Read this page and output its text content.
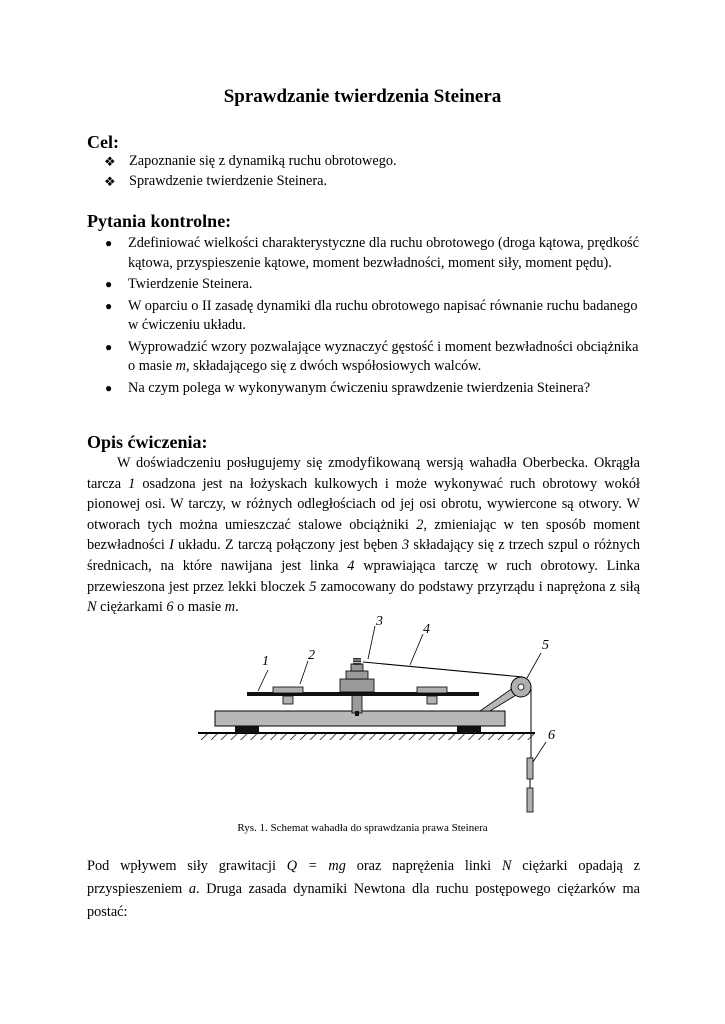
Sprawdzanie twierdzenia Steinera
Cel:
❖ Zapoznanie się z dynamiką ruchu obrotowego.
❖ Sprawdzenie twierdzenie Steinera.
Pytania kontrolne:
● Zdefiniować wielkości charakterystyczne dla ruchu obrotowego (droga kątowa, prędkość kątowa, przyspieszenie kątowe, moment bezwładności, moment siły, moment pędu).
● Twierdzenie Steinera.
● W oparciu o II zasadę dynamiki dla ruchu obrotowego napisać równanie ruchu badanego w ćwiczeniu układu.
● Wyprowadzić wzory pozwalające wyznaczyć gęstość i moment bezwładności obciążnika o masie m, składającego się z dwóch współosiowych walców.
● Na czym polega w wykonywanym ćwiczeniu sprawdzenie twierdzenia Steinera?
Opis ćwiczenia:
W doświadczeniu posługujemy się zmodyfikowaną wersją wahadła Oberbecka. Okrągła tarcza 1 osadzona jest na łożyskach kulkowych i może wykonywać ruch obrotowy wokół pionowej osi. W tarczy, w różnych odległościach od jej osi obrotu, wywiercone są otwory. W otworach tych można umieszczać stalowe obciążniki 2, zmieniając w ten sposób moment bezwładności I układu. Z tarczą połączony jest bęben 3 składający się z trzech szpul o różnych średnicach, na które nawijana jest linka 4 wprawiająca tarczę w ruch obrotowy. Linka przewieszona jest przez lekki bloczek 5 zamocowany do podstawy przyrządu i naprężona z siłą N ciężarkami 6 o masie m.
1	2
3
4
5
6
Rys. 1. Schemat wahadła do sprawdzania prawa Steinera
Pod wpływem siły grawitacji Q = mg oraz naprężenia linki N ciężarki opadają z przyspieszeniem a. Druga zasada dynamiki Newtona dla ruchu postępowego ciężarków ma postać:
